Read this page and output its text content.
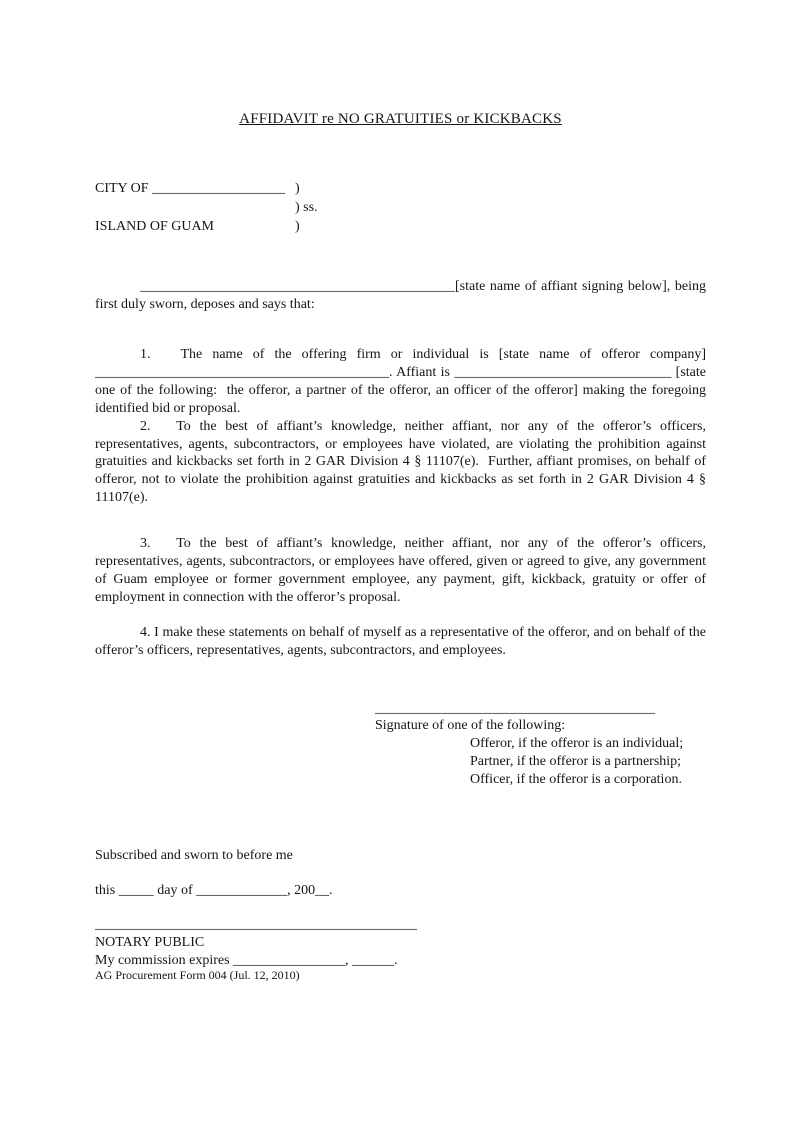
AFFIDAVIT re NO GRATUITIES or KICKBACKS
CITY OF ___________________ )
) ss.
ISLAND OF GUAM	)

_____________________________________________[state name of affiant signing below], being first duly sworn, deposes and says that:

1.   The name of the offering firm or individual is [state name of offeror company] __________________________________________. Affiant is _______________________________ [state one of the following:  the offeror, a partner of the offeror, an officer of the offeror] making the foregoing identified bid or proposal.

2.   To the best of affiant’s knowledge, neither affiant, nor any of the offeror’s officers, representatives, agents, subcontractors, or employees have violated, are violating the prohibition against gratuities and kickbacks set forth in 2 GAR Division 4 § 11107(e).  Further, affiant promises, on behalf of offeror, not to violate the prohibition against gratuities and kickbacks as set forth in 2 GAR Division 4 § 11107(e).

3.   To the best of affiant’s knowledge, neither affiant, nor any of the offeror’s officers, representatives, agents, subcontractors, or employees have offered, given or agreed to give, any government of Guam employee or former government employee, any payment, gift, kickback, gratuity or offer of employment in connection with the offeror’s proposal.

4. I make these statements on behalf of myself as a representative of the offeror, and on behalf of the offeror’s officers, representatives, agents, subcontractors, and employees.

________________________________________
Signature of one of the following:
Offeror, if the offeror is an individual;
Partner, if the offeror is a partnership;
Officer, if the offeror is a corporation.
Subscribed and sworn to before me
this _____ day of _____________, 200__.
______________________________________________
NOTARY PUBLIC
My commission expires ________________, ______.
AG Procurement Form 004 (Jul. 12, 2010)
